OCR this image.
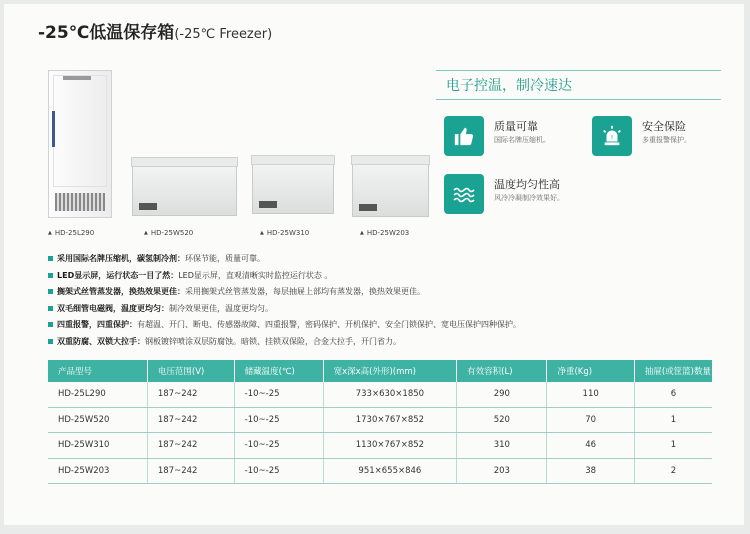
-25℃低温保存箱(-25℃ Freezer)
▲ HD-25L290	▲ HD-25W520	▲ HD-25W310	▲ HD-25W203
电子控温，制冷速达
质量可靠
国际名牌压缩机。	!
安全保险
多重报警保护。
温度均匀性高
风冷冷凝制冷效果好。
采用国际名牌压缩机，碳氢制冷剂：环保节能，质量可靠。
LED显示屏，运行状态一目了然：LED显示屏，直观清晰实时监控运行状态 。
搁架式丝管蒸发器，换热效果更佳：采用搁架式丝管蒸发器，每层抽屉上部均有蒸发器，换热效果更佳。
双毛细管电磁阀，温度更均匀：制冷效果更佳，温度更均匀。
四重报警，四重保护：有超温、开门、断电、传感器故障、四重报警，密码保护、开机保护、安全门锁保护、宽电压保护四种保护。
双重防腐、双锁大拉手：钢板镀锌喷涂双层防腐蚀。暗锁、挂锁双保险，合金大拉手，开门省力。
产品型号	电压范围(V)	储藏温度(℃)	宽x深x高(外形)(mm)	有效容积(L)	净重(Kg)	抽屉(或筐篮)数量
HD-25L290	187~242	-10~-25	733×630×1850	290	110	6
HD-25W520	187~242	-10~-25	1730×767×852	520	70	1
HD-25W310	187~242	-10~-25	1130×767×852	310	46	1
HD-25W203	187~242	-10~-25	951×655×846	203	38	2
